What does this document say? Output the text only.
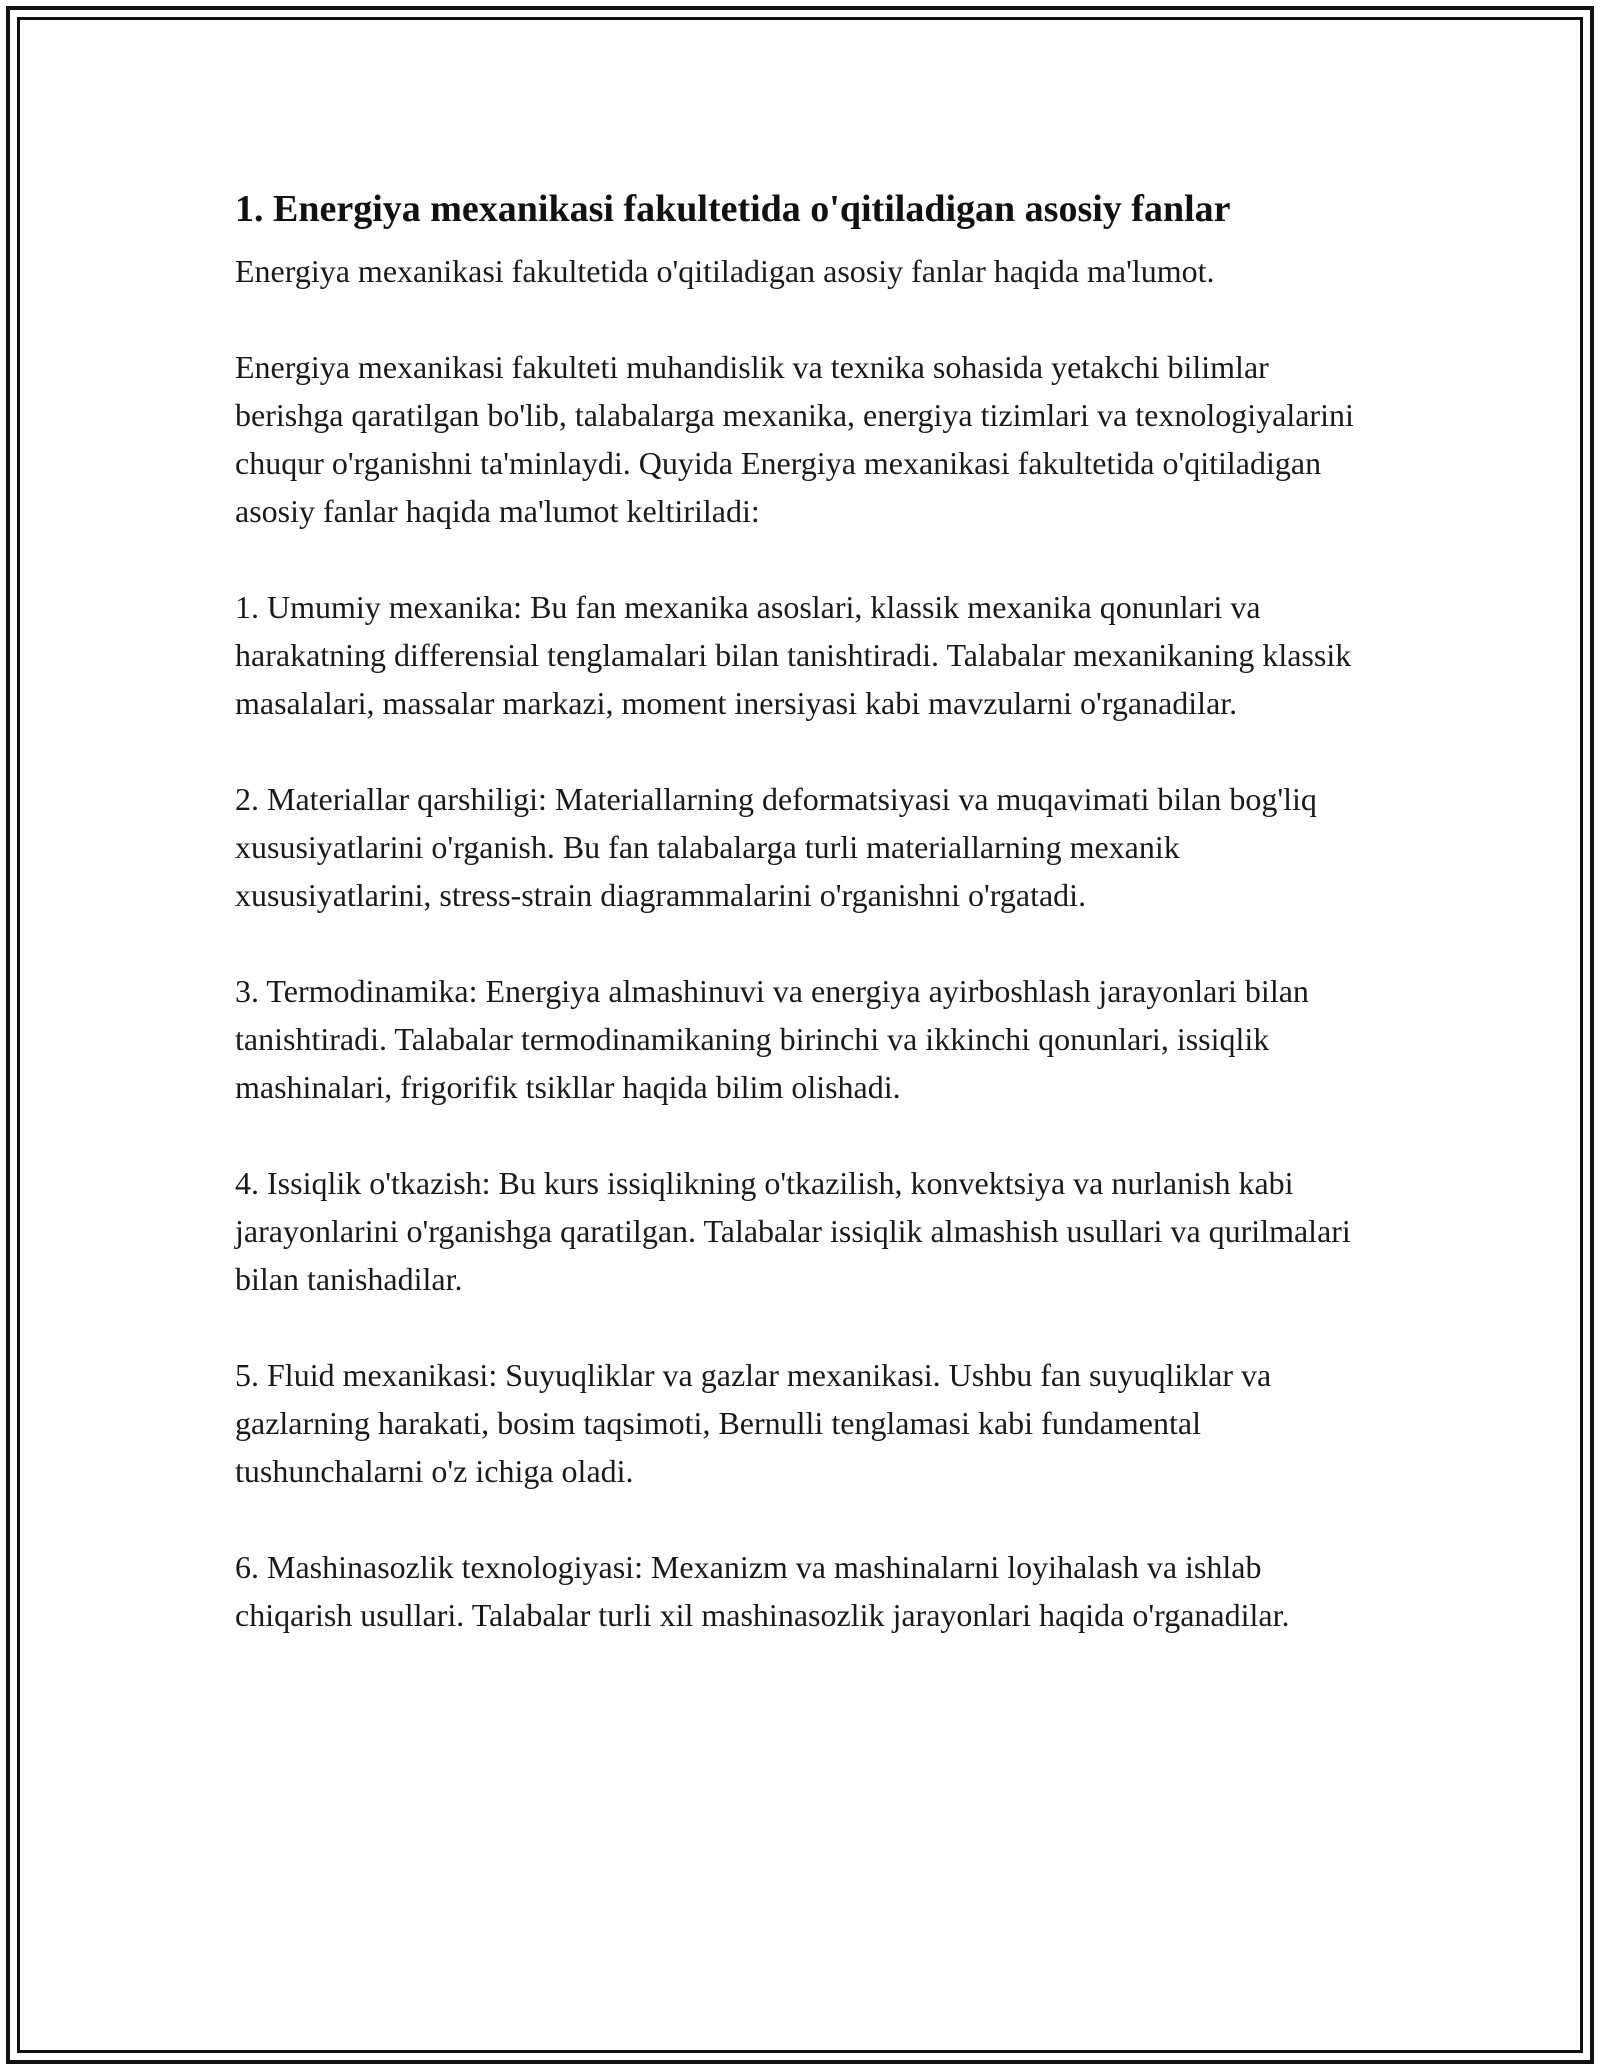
1. Energiya mexanikasi fakultetida o'qitiladigan asosiy fanlar

Energiya mexanikasi fakultetida o'qitiladigan asosiy fanlar haqida ma'lumot.

Energiya mexanikasi fakulteti muhandislik va texnika sohasida yetakchi bilimlar berishga qaratilgan bo'lib, talabalarga mexanika, energiya tizimlari va texnologiyalarini chuqur o'rganishni ta'minlaydi. Quyida Energiya mexanikasi fakultetida o'qitiladigan asosiy fanlar haqida ma'lumot keltiriladi:

1. Umumiy mexanika: Bu fan mexanika asoslari, klassik mexanika qonunlari va harakatning differensial tenglamalari bilan tanishtiradi. Talabalar mexanikaning klassik masalalari, massalar markazi, moment inersiyasi kabi mavzularni o'rganadilar.

2. Materiallar qarshiligi: Materiallarning deformatsiyasi va muqavimati bilan bog'liq xususiyatlarini o'rganish. Bu fan talabalarga turli materiallarning mexanik xususiyatlarini, stress-strain diagrammalarini o'rganishni o'rgatadi.

3. Termodinamika: Energiya almashinuvi va energiya ayirboshlash jarayonlari bilan tanishtiradi. Talabalar termodinamikaning birinchi va ikkinchi qonunlari, issiqlik mashinalari, frigorifik tsikllar haqida bilim olishadi.

4. Issiqlik o'tkazish: Bu kurs issiqlikning o'tkazilish, konvektsiya va nurlanish kabi jarayonlarini o'rganishga qaratilgan. Talabalar issiqlik almashish usullari va qurilmalari bilan tanishadilar.

5. Fluid mexanikasi: Suyuqliklar va gazlar mexanikasi. Ushbu fan suyuqliklar va gazlarning harakati, bosim taqsimoti, Bernulli tenglamasi kabi fundamental tushunchalarni o'z ichiga oladi.

6. Mashinasozlik texnologiyasi: Mexanizm va mashinalarni loyihalash va ishlab chiqarish usullari. Talabalar turli xil mashinasozlik jarayonlari haqida o'rganadilar.
